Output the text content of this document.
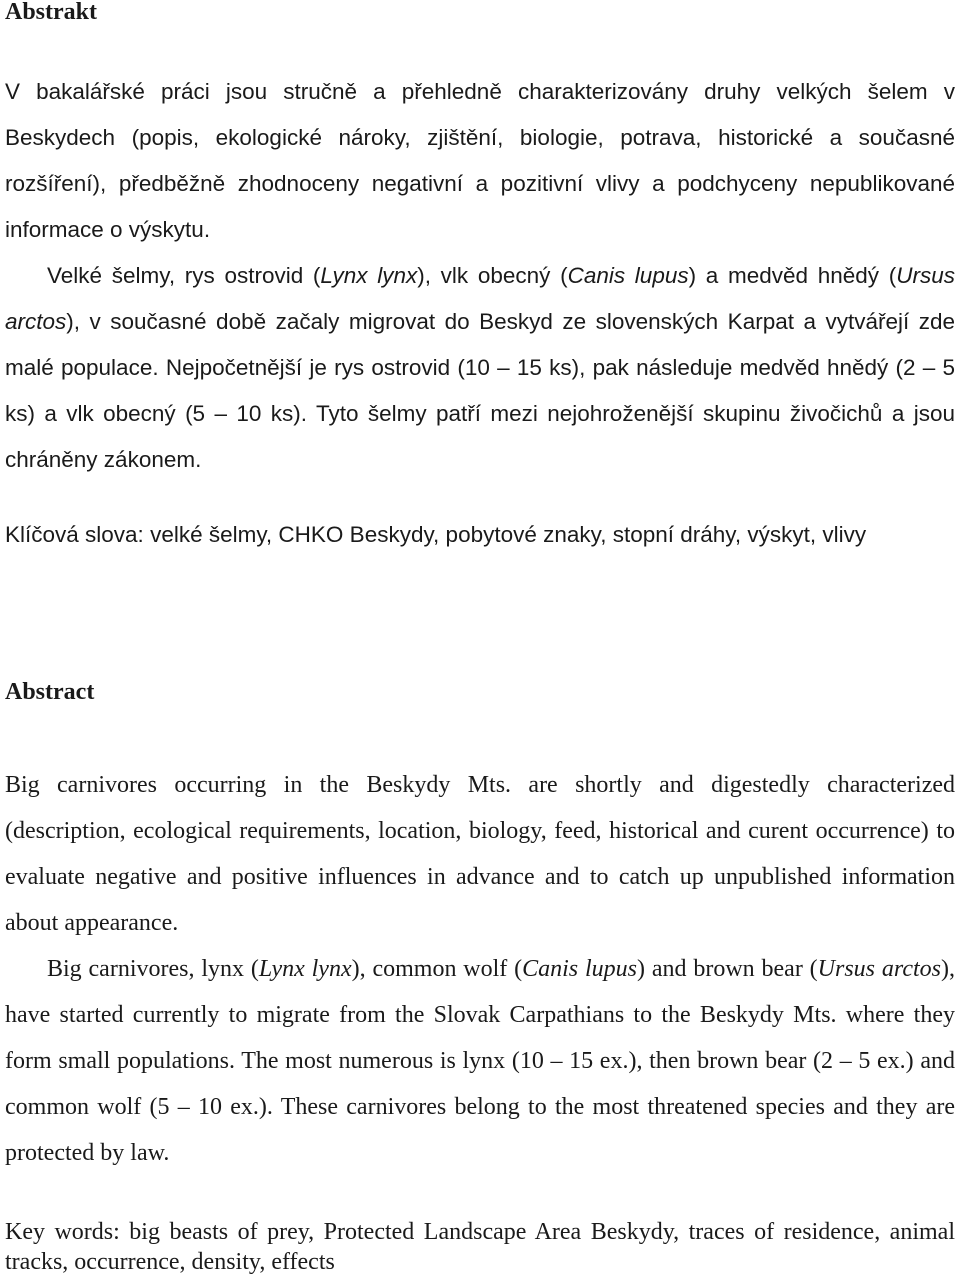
Abstrakt
V bakalářské práci jsou stručně a přehledně charakterizovány druhy velkých šelem v Beskydech (popis, ekologické nároky, zjištění, biologie, potrava, historické a současné rozšíření), předběžně zhodnoceny negativní a pozitivní vlivy a podchyceny nepublikované informace o výskytu.
Velké šelmy, rys ostrovid (Lynx lynx), vlk obecný (Canis lupus) a medvěd hnědý (Ursus arctos), v současné době začaly migrovat do Beskyd ze slovenských Karpat a vytvářejí zde malé populace. Nejpočetnější je rys ostrovid (10 – 15 ks), pak následuje medvěd hnědý (2 – 5 ks) a vlk obecný (5 – 10 ks). Tyto šelmy patří mezi nejohroženější skupinu živočichů a jsou chráněny zákonem.

Klíčová slova: velké šelmy, CHKO Beskydy, pobytové znaky, stopní dráhy, výskyt, vlivy

Abstract
Big carnivores occurring in the Beskydy Mts. are shortly and digestedly characterized (description, ecological requirements, location, biology, feed, historical and curent occurrence) to evaluate negative and positive influences in advance and to catch up unpublished information about appearance.
Big carnivores, lynx (Lynx lynx), common wolf (Canis lupus) and brown bear (Ursus arctos), have started currently to migrate from the Slovak Carpathians to the Beskydy Mts. where they form small populations. The most numerous is lynx (10 – 15 ex.), then brown bear (2 – 5 ex.) and common wolf (5 – 10 ex.). These carnivores belong to the most threatened species and they are protected by law.

Key words: big beasts of prey, Protected Landscape Area Beskydy, traces of residence, animal tracks, occurrence, density, effects
